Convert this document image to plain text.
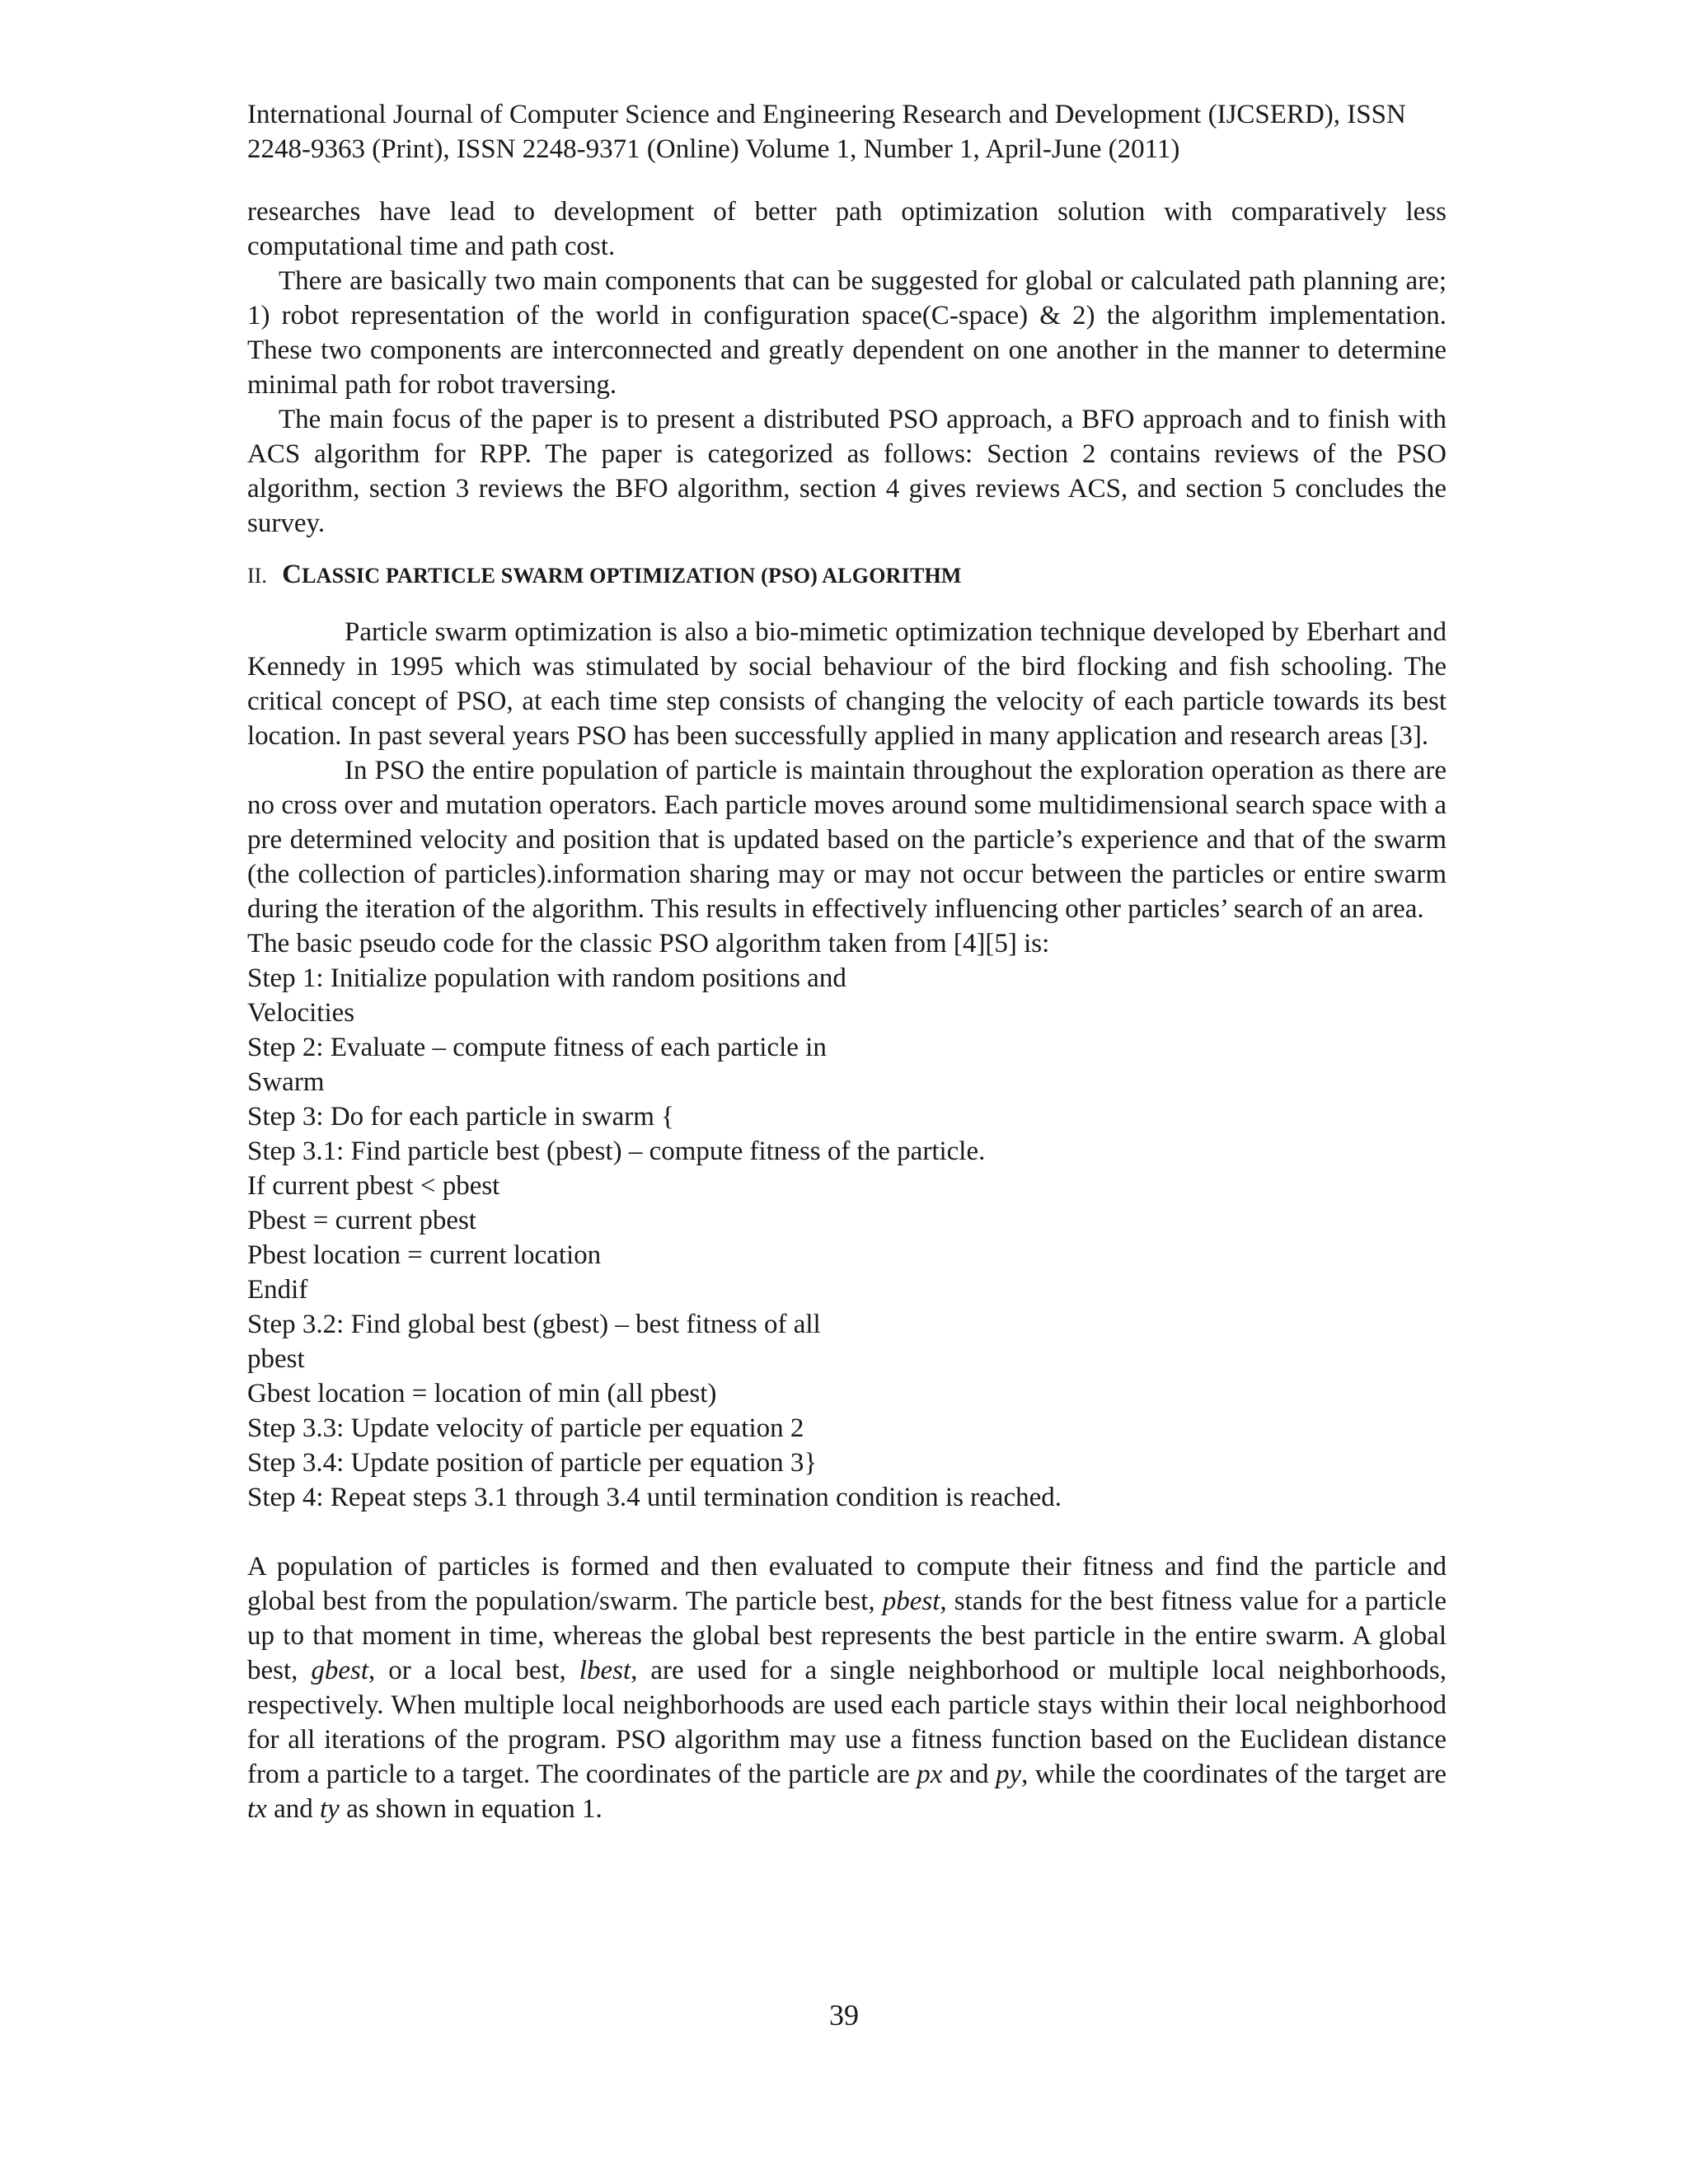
International Journal of Computer Science and Engineering Research and Development (IJCSERD), ISSN
2248-9363 (Print), ISSN 2248-9371 (Online) Volume 1, Number 1, April-June (2011)

researches have lead to development of better path optimization solution with comparatively less computational time and path cost.

There are basically two main components that can be suggested for global or calculated path planning are; 1) robot representation of the world in configuration space(C-space) & 2) the algorithm implementation. These two components are interconnected and greatly dependent on one another in the manner to determine minimal path for robot traversing.

The main focus of the paper is to present a distributed PSO approach, a BFO approach and to finish with ACS algorithm for RPP. The paper is categorized as follows: Section 2 contains reviews of the PSO algorithm, section 3 reviews the BFO algorithm, section 4 gives reviews ACS, and section 5 concludes the survey.

II. CLASSIC PARTICLE SWARM OPTIMIZATION (PSO) ALGORITHM

Particle swarm optimization is also a bio-mimetic optimization technique developed by Eberhart and Kennedy in 1995 which was stimulated by social behaviour of the bird flocking and fish schooling. The critical concept of PSO, at each time step consists of changing the velocity of each particle towards its best location. In past several years PSO has been successfully applied in many application and research areas [3].

In PSO the entire population of particle is maintain throughout the exploration operation as there are no cross over and mutation operators. Each particle moves around some multidimensional search space with a pre determined velocity and position that is updated based on the particle’s experience and that of the swarm (the collection of particles).information sharing may or may not occur between the particles or entire swarm during the iteration of the algorithm. This results in effectively influencing other particles’ search of an area.

The basic pseudo code for the classic PSO algorithm taken from [4][5] is:

Step 1: Initialize population with random positions and
Velocities
Step 2: Evaluate – compute fitness of each particle in
Swarm
Step 3: Do for each particle in swarm {
Step 3.1: Find particle best (pbest) – compute fitness of the particle.
If current pbest < pbest
Pbest = current pbest
Pbest location = current location
Endif
Step 3.2: Find global best (gbest) – best fitness of all
pbest
Gbest location = location of min (all pbest)
Step 3.3: Update velocity of particle per equation 2
Step 3.4: Update position of particle per equation 3}
Step 4: Repeat steps 3.1 through 3.4 until termination condition is reached.

A population of particles is formed and then evaluated to compute their fitness and find the particle and global best from the population/swarm. The particle best, pbest, stands for the best fitness value for a particle up to that moment in time, whereas the global best represents the best particle in the entire swarm. A global best, gbest, or a local best, lbest, are used for a single neighborhood or multiple local neighborhoods, respectively. When multiple local neighborhoods are used each particle stays within their local neighborhood for all iterations of the program. PSO algorithm may use a fitness function based on the Euclidean distance from a particle to a target. The coordinates of the particle are px and py, while the coordinates of the target are tx and ty as shown in equation 1.

39
